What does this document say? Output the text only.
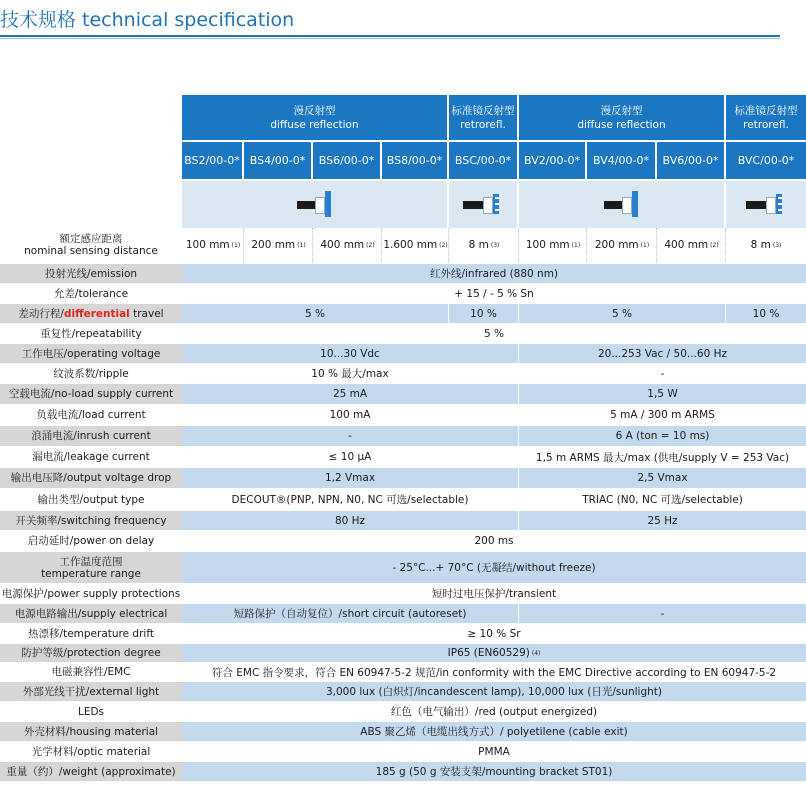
技术规格 technical specification
漫反射型
diffuse reflection
标准镜反射型
retrorefl.
漫反射型
diffuse reflection
标准镜反射型
retrorefl.
BS2/00-0* BS4/00-0* BS6/00-0* BS8/00-0* BSC/00-0* BV2/00-0* BV4/00-0* BV6/00-0* BVC/00-0*
额定感应距离
nominal sensing distance	100 mm (1) 200 mm (1) 400 mm (2) 1.600 mm (2) 8 m (3)	100 mm (1) 200 mm (1) 400 mm (2)	8 m (3)
投射光线/emission	红外线/infrared (880 nm)
允差/tolerance	+ 15 / - 5 % Sn
差动行程/differential travel	5 %	10 %	5 %	10 %
重复性/repeatability	5 %
工作电压/operating voltage	10...30 Vdc	20...253 Vac / 50...60 Hz
纹波系数/ripple	10 % 最大/max	-
空载电流/no-load supply current	25 mA	1,5 W
负载电流/load current	100 mA	5 mA / 300 m ARMS
浪涌电流/inrush current	-	6 A (ton = 10 ms)
漏电流/leakage current	≤ 10 µA	1,5 m ARMS 最大/max (供电/supply V = 253 Vac)
输出电压降/output voltage drop	1,2 Vmax	2,5 Vmax
输出类型/output type	DECOUT®(PNP, NPN, N0, NC 可选/selectable)	TRIAC (N0, NC 可选/selectable)
开关频率/switching frequency	80 Hz	25 Hz
启动延时/power on delay	200 ms
工作温度范围
temperature range	- 25°C...+ 70°C (无凝结/without freeze)
电源保护/power supply protections	短时过电压保护/transient
电源电路输出/supply electrical	短路保护（自动复位）/short circuit (autoreset)	-
热漂移/temperature drift	≥ 10 % Sr
防护等级/protection degree	IP65 (EN60529) (4)
电磁兼容性/EMC	符合 EMC 指令要求，符合 EN 60947-5-2 规范/in conformity with the EMC Directive according to EN 60947-5-2
外部光线干扰/external light	3,000 lux (白炽灯/incandescent lamp), 10,000 lux (日光/sunlight)
LEDs	红色（电气输出）/red (output energized)
外壳材料/housing material	ABS 聚乙烯（电缆出线方式）/ polyetilene (cable exit)
光学材料/optic material	PMMA
重量（约）/weight (approximate)	185 g (50 g 安装支架/mounting bracket ST01)
